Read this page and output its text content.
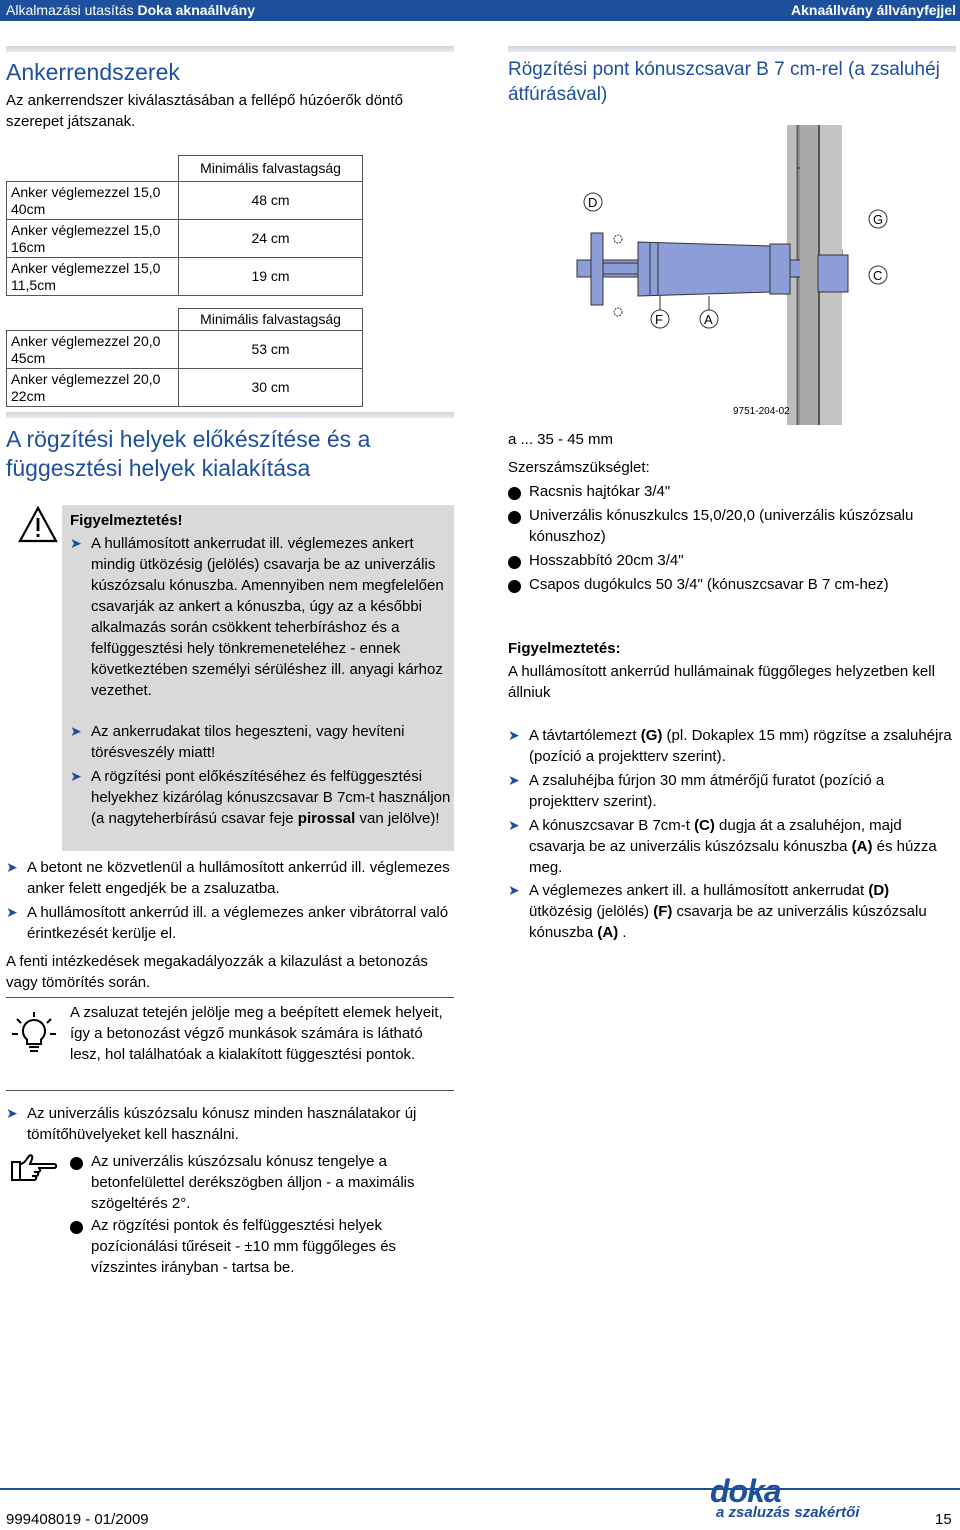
Alkalmazási utasítás Doka aknaállvány	Aknaállvány állványfejjel
Ankerrendszerek
Az ankerrendszer kiválasztásában a fellépő húzóerők döntő szerepet játszanak.
	Minimális falvastagság
Anker véglemezzel 15,0 40cm	48 cm
Anker véglemezzel 15,0 16cm	24 cm
Anker véglemezzel 15,0 11,5cm	19 cm
	Minimális falvastagság
Anker véglemezzel 20,0 45cm	53 cm
Anker véglemezzel 20,0 22cm	30 cm
A rögzítési helyek előkészítése és a függesztési helyek kialakítása
Figyelmeztetés!
➤ A hullámosított ankerrudat ill. véglemezes ankert mindig ütközésig (jelölés) csavarja be az univerzális kúszózsalu kónuszba. Amennyiben nem megfelelően csavarják az ankert a kónuszba, úgy az a későbbi alkalmazás során csökkent teherbíráshoz és a felfüggesztési hely tönkremeneteléhez - ennek következtében személyi sérüléshez ill. anyagi kárhoz vezethet.
➤ Az ankerrudakat tilos hegeszteni, vagy hevíteni törésveszély miatt!
➤ A rögzítési pont előkészítéséhez és felfüggesztési helyekhez kizárólag kónuszcsavar B 7cm-t használjon (a nagyteherbírású csavar feje pirossal van jelölve)!
➤ A betont ne közvetlenül a hullámosított ankerrúd ill. véglemezes anker felett engedjék be a zsaluzatba.
➤ A hullámosított ankerrúd ill. a véglemezes anker vibrátorral való érintkezését kerülje el.
A fenti intézkedések megakadályozzák a kilazulást a betonozás vagy tömörítés során.
A zsaluzat tetején jelölje meg a beépített elemek helyeit, így a betonozást végző munkások számára is látható lesz, hol találhatóak a kialakított függesztési pontok.
➤ Az univerzális kúszózsalu kónusz minden használatakor új tömítőhüvelyeket kell használni.
Az univerzális kúszózsalu kónusz tengelye a betonfelülettel derékszögben álljon - a maximális szögeltérés 2°.
Az rögzítési pontok és felfüggesztési helyek pozícionálási tűréseit - ±10 mm függőleges és vízszintes irányban - tartsa be.
Rögzítési pont kónuszcsavar B 7 cm-rel (a zsaluhéj átfúrásával)
D
F	A
G
C
9751-204-02
a ... 35 - 45 mm
Szerszámszükséglet:
Racsnis hajtókar 3/4"
Univerzális kónuszkulcs 15,0/20,0 (univerzális kúszózsalu kónuszhoz)
Hosszabbító 20cm 3/4"
Csapos dugókulcs 50 3/4" (kónuszcsavar B 7 cm-hez)
Figyelmeztetés:
A hullámosított ankerrúd hullámainak függőleges helyzetben kell állniuk
➤ A távtartólemezt (G) (pl. Dokaplex 15 mm) rögzítse a zsaluhéjra (pozíció a projektterv szerint).
➤ A zsaluhéjba fúrjon 30 mm átmérőjű furatot (pozíció a projektterv szerint).
➤ A kónuszcsavar B 7cm-t (C) dugja át a zsaluhéjon, majd csavarja be az univerzális kúszózsalu kónuszba (A) és húzza meg.
➤ A véglemezes ankert ill. a hullámosított ankerrudat (D) ütközésig (jelölés) (F) csavarja be az univerzális kúszózsalu kónuszba (A) .
999408019 - 01/2009
doka
a zsaluzás szakértői	15
